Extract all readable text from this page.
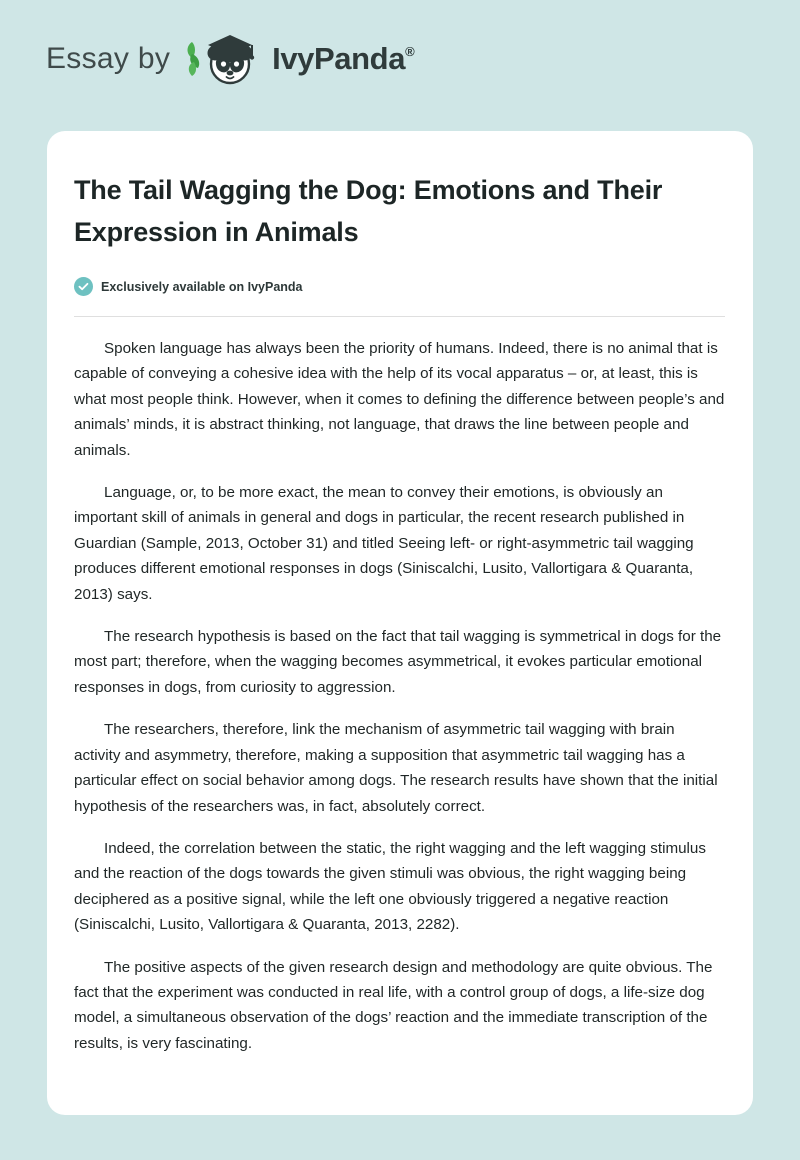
Essay by	IvyPanda®
The Tail Wagging the Dog: Emotions and Their Expression in Animals
Exclusively available on IvyPanda

Spoken language has always been the priority of humans. Indeed, there is no animal that is capable of conveying a cohesive idea with the help of its vocal apparatus – or, at least, this is what most people think. However, when it comes to defining the difference between people’s and animals’ minds, it is abstract thinking, not language, that draws the line between people and animals.

Language, or, to be more exact, the mean to convey their emotions, is obviously an important skill of animals in general and dogs in particular, the recent research published in Guardian (Sample, 2013, October 31) and titled Seeing left- or right-asymmetric tail wagging produces different emotional responses in dogs (Siniscalchi, Lusito, Vallortigara & Quaranta, 2013) says.

The research hypothesis is based on the fact that tail wagging is symmetrical in dogs for the most part; therefore, when the wagging becomes asymmetrical, it evokes particular emotional responses in dogs, from curiosity to aggression.

The researchers, therefore, link the mechanism of asymmetric tail wagging with brain activity and asymmetry, therefore, making a supposition that asymmetric tail wagging has a particular effect on social behavior among dogs. The research results have shown that the initial hypothesis of the researchers was, in fact, absolutely correct.

Indeed, the correlation between the static, the right wagging and the left wagging stimulus and the reaction of the dogs towards the given stimuli was obvious, the right wagging being deciphered as a positive signal, while the left one obviously triggered a negative reaction (Siniscalchi, Lusito, Vallortigara & Quaranta, 2013, 2282).

The positive aspects of the given research design and methodology are quite obvious. The fact that the experiment was conducted in real life, with a control group of dogs, a life-size dog model, a simultaneous observation of the dogs’ reaction and the immediate transcription of the results, is very fascinating.
